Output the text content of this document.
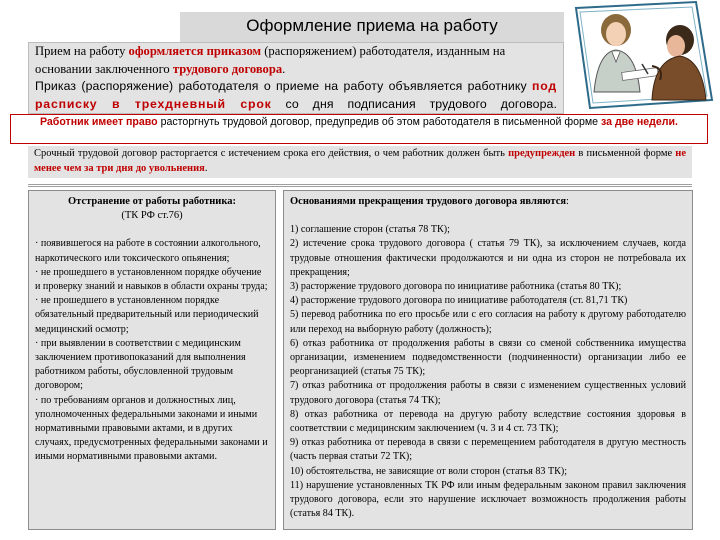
Оформление приема на работу
Прием на работу оформляется приказом (распоряжением) работодателя, изданным на основании заключенного трудового договора.
Приказ (распоряжение) работодателя о приеме на работу объявляется работнику под расписку в трехдневный срок со дня подписания трудового договора.
Работник имеет право расторгнуть трудовой договор, предупредив об этом работодателя в письменной форме за две недели.
Срочный трудовой договор расторгается с истечением срока его действия, о чем работник должен быть предупрежден в письменной форме не менее чем за три дня до увольнения.
Отстранение от работы работника:
(ТК РФ ст.76)

· появившегося на работе в состоянии алкогольного, наркотического или токсического опьянения;

· не прошедшего в установленном порядке обучение и проверку знаний и навыков в области охраны труда;

· не прошедшего в установленном порядке обязательный предварительный или периодический медицинский осмотр;

· при выявлении в соответствии с медицинским заключением противопоказаний для выполнения работником работы, обусловленной трудовым договором;

· по требованиям органов и должностных лиц, уполномоченных федеральными законами и иными нормативными правовыми актами, и в других случаях, предусмотренных федеральными законами и иными нормативными правовыми актами.

Основаниями прекращения трудового договора являются:

1) соглашение сторон (статья 78 ТК);

2) истечение срока трудового договора ( статья 79 ТК), за исключением случаев, когда трудовые отношения фактически продолжаются и ни одна из сторон не потребовала их прекращения;

3) расторжение трудового договора по инициативе работника (статья 80 ТК);

4) расторжение трудового договора по инициативе работодателя (ст. 81,71 ТК)

5) перевод работника по его просьбе или с его согласия на работу к другому работодателю или переход на выборную работу (должность);

6) отказ работника от продолжения работы в связи со сменой собственника имущества организации, изменением подведомственности (подчиненности) организации либо ее реорганизацией (статья 75 ТК);

7) отказ работника от продолжения работы в связи с изменением существенных условий трудового договора (статья 74 ТК);

8) отказ работника от перевода на другую работу вследствие состояния здоровья в соответствии с медицинским заключением (ч. 3 и 4 ст. 73 ТК);

9) отказ работника от перевода в связи с перемещением работодателя в другую местность (часть первая статьи 72 ТК);

10) обстоятельства, не зависящие от воли сторон (статья 83 ТК);

11) нарушение установленных ТК РФ или иным федеральным законом правил заключения трудового договора, если это нарушение исключает возможность продолжения работы (статья 84 ТК).
